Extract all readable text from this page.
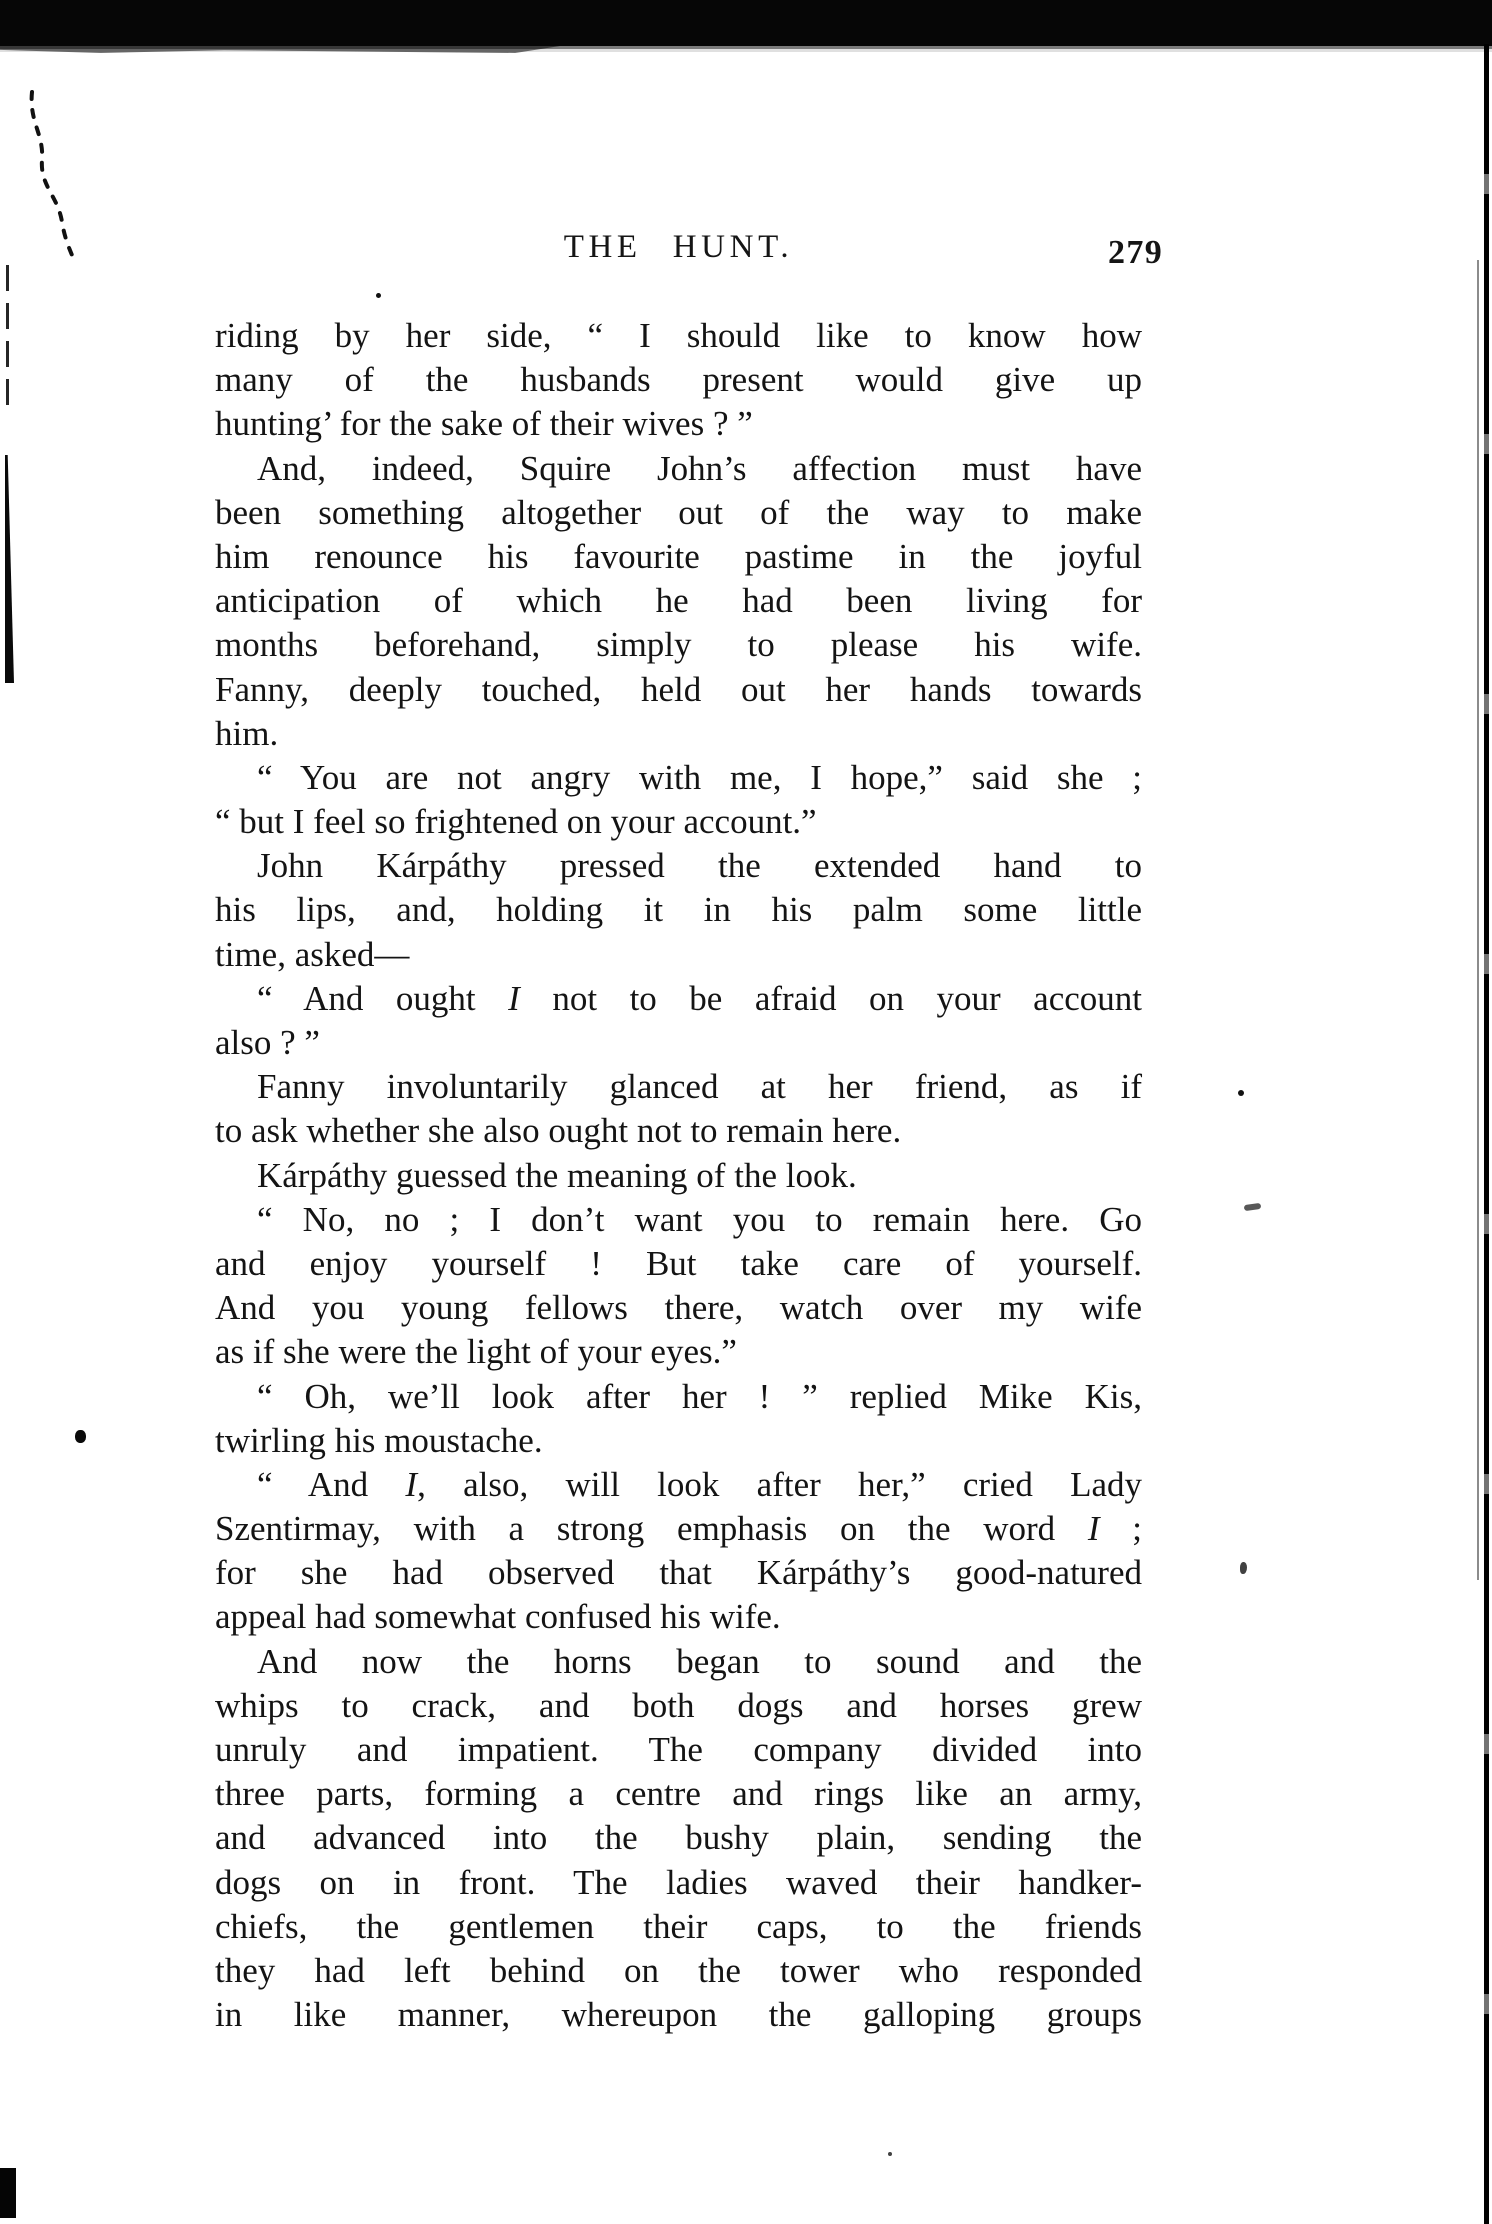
THE HUNT.	279
riding by her side, “ I should like to know how
many of the husbands present would give up
hunting’ for the sake of their wives ? ”
And, indeed, Squire John’s affection must have
been something altogether out of the way to make
him renounce his favourite pastime in the joyful
anticipation of which he had been living for
months beforehand, simply to please his wife.
Fanny, deeply touched, held out her hands towards
him.
“ You are not angry with me, I hope,” said she ;
“ but I feel so frightened on your account.”
John Kárpáthy pressed the extended hand to
his lips, and, holding it in his palm some little
time, asked—
“ And ought I not to be afraid on your account
also ? ”
Fanny involuntarily glanced at her friend, as if
to ask whether she also ought not to remain here.
Kárpáthy guessed the meaning of the look.
“ No, no ; I don’t want you to remain here. Go
and enjoy yourself ! But take care of yourself.
And you young fellows there, watch over my wife
as if she were the light of your eyes.”
“ Oh, we’ll look after her ! ” replied Mike Kis,
twirling his moustache.
“ And I, also, will look after her,” cried Lady
Szentirmay, with a strong emphasis on the word I ;
for she had observed that Kárpáthy’s good-natured
appeal had somewhat confused his wife.
And now the horns began to sound and the
whips to crack, and both dogs and horses grew
unruly and impatient. The company divided into
three parts, forming a centre and rings like an army,
and advanced into the bushy plain, sending the
dogs on in front. The ladies waved their handker-
chiefs, the gentlemen their caps, to the friends
they had left behind on the tower who responded
in like manner, whereupon the galloping groups
